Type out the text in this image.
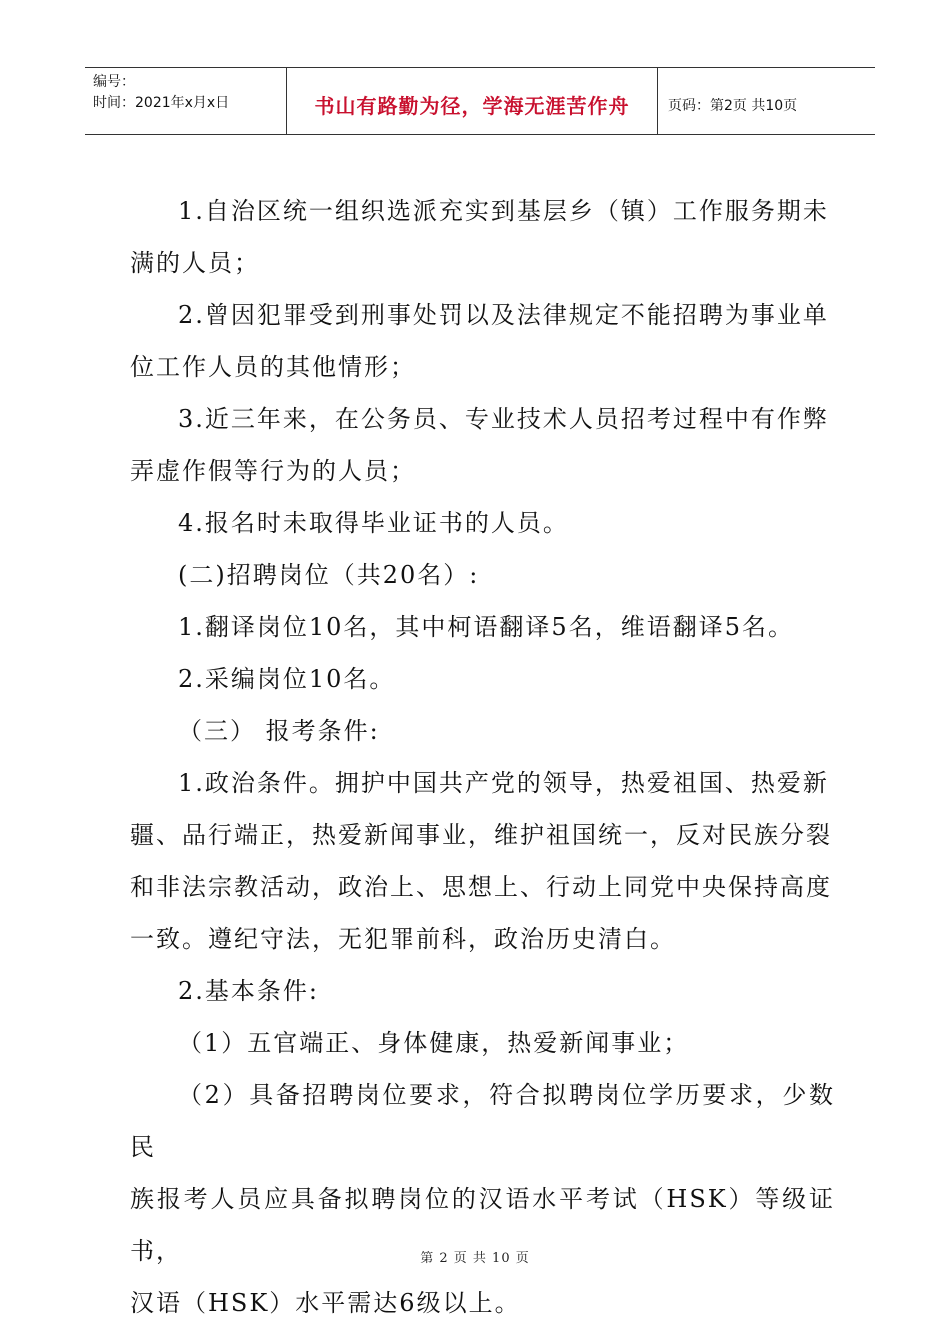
编号：
时间：2021年x月x日	书山有路勤为径，学海无涯苦作舟	页码：第2页 共10页

1.自治区统一组织选派充实到基层乡（镇）工作服务期未

满的人员；

2.曾因犯罪受到刑事处罚以及法律规定不能招聘为事业单

位工作人员的其他情形；

3.近三年来，在公务员、专业技术人员招考过程中有作弊

弄虚作假等行为的人员；

4.报名时未取得毕业证书的人员。

(二)招聘岗位（共20名）:

1.翻译岗位10名，其中柯语翻译5名，维语翻译5名。

2.采编岗位10名。

（三） 报考条件:

1.政治条件。拥护中国共产党的领导，热爱祖国、热爱新

疆、品行端正，热爱新闻事业，维护祖国统一，反对民族分裂

和非法宗教活动，政治上、思想上、行动上同党中央保持高度

一致。遵纪守法，无犯罪前科，政治历史清白。

2.基本条件:

（1）五官端正、身体健康，热爱新闻事业；

（2）具备招聘岗位要求，符合拟聘岗位学历要求，少数民

族报考人员应具备拟聘岗位的汉语水平考试（HSK）等级证书，

汉语（HSK）水平需达6级以上。

第 2 页 共 10 页
